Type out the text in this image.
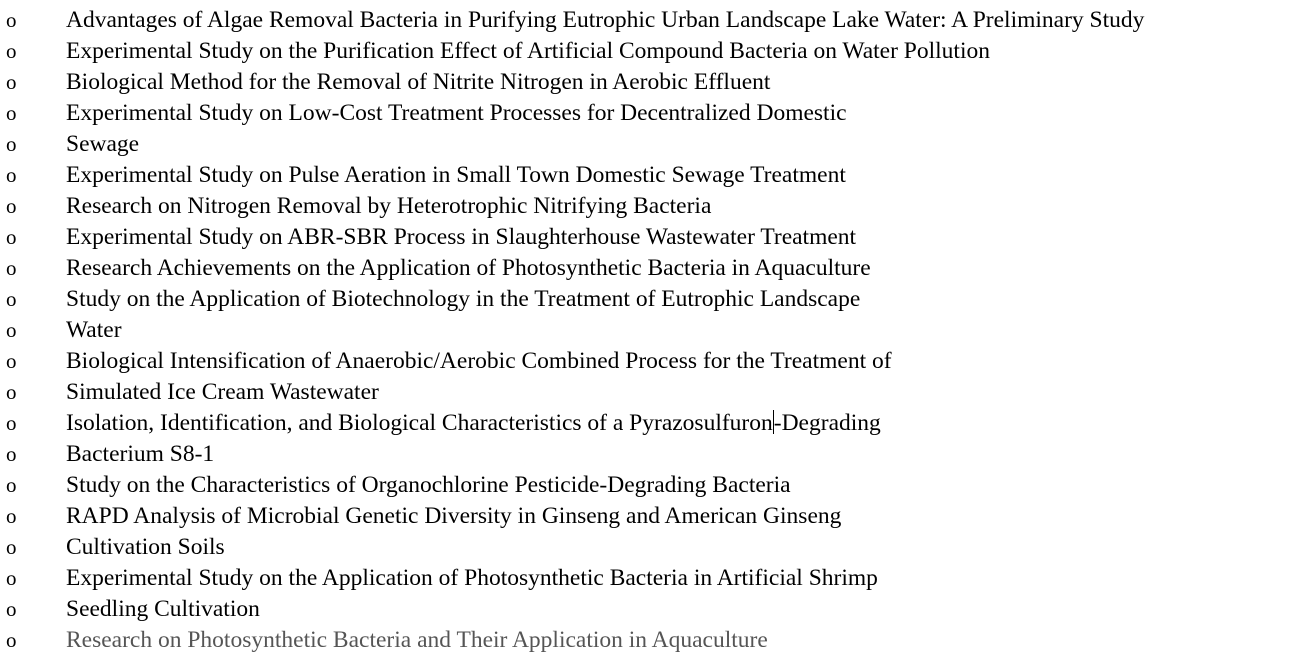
o	Advantages of Algae Removal Bacteria in Purifying Eutrophic Urban Landscape Lake Water: A Preliminary Study
o	Experimental Study on the Purification Effect of Artificial Compound Bacteria on Water Pollution
o	Biological Method for the Removal of Nitrite Nitrogen in Aerobic Effluent
o	Experimental Study on Low-Cost Treatment Processes for Decentralized Domestic
o	Sewage
o	Experimental Study on Pulse Aeration in Small Town Domestic Sewage Treatment
o	Research on Nitrogen Removal by Heterotrophic Nitrifying Bacteria
o	Experimental Study on ABR-SBR Process in Slaughterhouse Wastewater Treatment
o	Research Achievements on the Application of Photosynthetic Bacteria in Aquaculture
o	Study on the Application of Biotechnology in the Treatment of Eutrophic Landscape
o	Water
o	Biological Intensification of Anaerobic/Aerobic Combined Process for the Treatment of
o	Simulated Ice Cream Wastewater
o	Isolation, Identification, and Biological Characteristics of a Pyrazosulfuron-Degrading
o	Bacterium S8-1
o	Study on the Characteristics of Organochlorine Pesticide-Degrading Bacteria
o	RAPD Analysis of Microbial Genetic Diversity in Ginseng and American Ginseng
o	Cultivation Soils
o	Experimental Study on the Application of Photosynthetic Bacteria in Artificial Shrimp
o	Seedling Cultivation
o	Research on Photosynthetic Bacteria and Their Application in Aquaculture
